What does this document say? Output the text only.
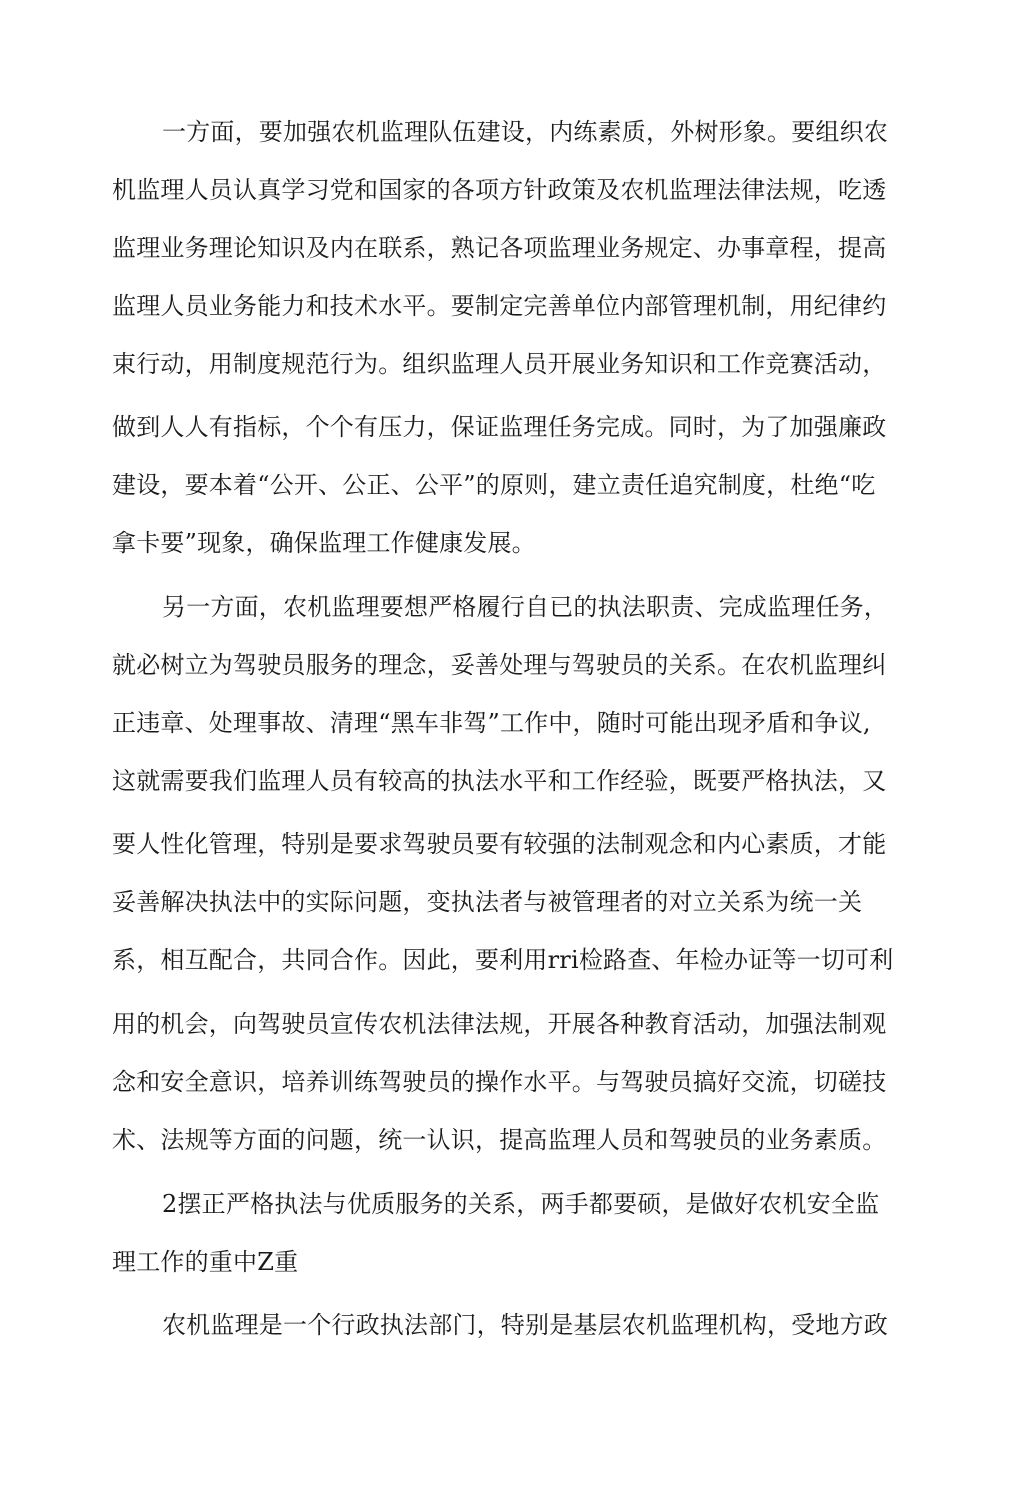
一方面，要加强农机监理队伍建设，内练素质，外树形象。要组织农
机监理人员认真学习党和国家的各项方针政策及农机监理法律法规，吃透
监理业务理论知识及内在联系，熟记各项监理业务规定、办事章程，提高
监理人员业务能力和技术水平。要制定完善单位内部管理机制，用纪律约
束行动，用制度规范行为。组织监理人员开展业务知识和工作竞赛活动，
做到人人有指标，个个有压力，保证监理任务完成。同时，为了加强廉政
建设，要本着“公开、公正、公平”的原则，建立责任追究制度，杜绝“吃
拿卡要”现象，确保监理工作健康发展。
另一方面，农机监理要想严格履行自已的执法职责、完成监理任务，
就必树立为驾驶员服务的理念，妥善处理与驾驶员的关系。在农机监理纠
正违章、处理事故、清理“黑车非驾”工作中，随时可能出现矛盾和争议,
这就需要我们监理人员有较高的执法水平和工作经验，既要严格执法，又
要人性化管理，特别是要求驾驶员要有较强的法制观念和内心素质，才能
妥善解决执法中的实际问题，变执法者与被管理者的对立关系为统一关
系，相互配合，共同合作。因此，要利用rri检路查、年检办证等一切可利
用的机会，向驾驶员宣传农机法律法规，开展各种教育活动，加强法制观
念和安全意识，培养训练驾驶员的操作水平。与驾驶员搞好交流，切磋技
术、法规等方面的问题，统一认识，提高监理人员和驾驶员的业务素质。
2摆正严格执法与优质服务的关系，两手都要硕，是做好农机安全监
理工作的重中Z重
农机监理是一个行政执法部门，特别是基层农机监理机构，受地方政
